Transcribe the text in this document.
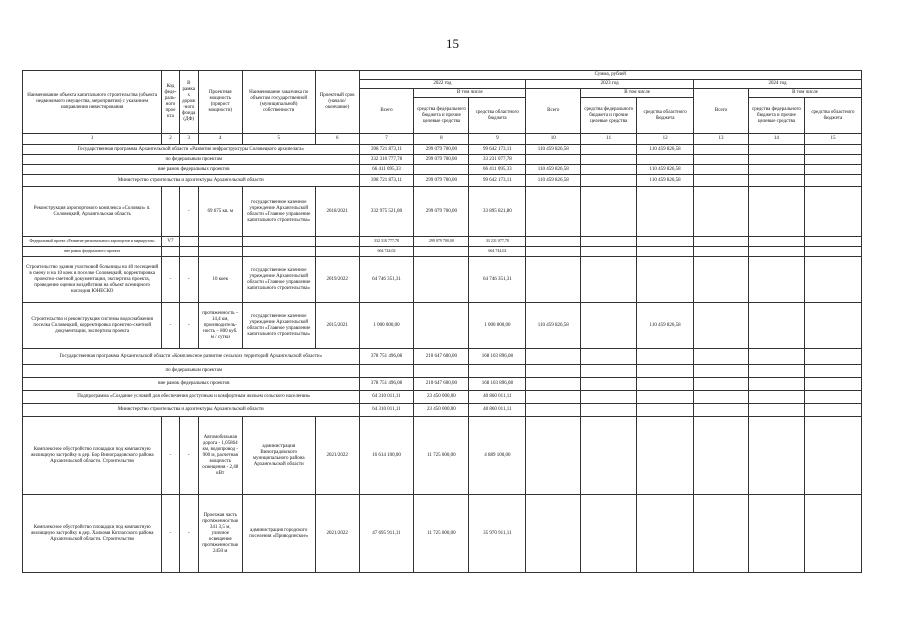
15
Наименование объекта капитального строительства (объекта недвижимого имущества, мероприятия) с указанием направления инвестирования	Код феде-раль-ного проекта	В рамках дорож-ного фонда (ДФ)	Проектная мощность (прирост мощности)	Наименование заказчика по объектам государственной (муниципальной) собственности	Проектный срок (начало/ окончание)	Сумма, рублей								
						2022 год			2023 год			2024 год		
						Всего	В том числе		Всего	В том числе		Всего	В том числе	
							средства федерального бюджета и прочие целевые средства	средства областного бюджета		средства федерального бюджета и прочие целевые средства	средства областного бюджета		средства федерального бюджета и прочие целевые средства	средства областного бюджета
1	2	3	4	5	6	7	8	9	10	11	12	13	14	15
Государственная программа Архангельской области «Развитие инфраструктуры Соловецкого архипелага»						398 721 873,11	299 079 700,00	99 642 173,11	110 459 826,58		110 459 826,58			
по федеральным проектам						332 310 777,78	299 079 700,00	33 231 077,78						
вне рамок федеральных проектов						66 411 095,33		66 411 095,33	110 459 826,58		110 459 826,58			
Министерство строительства и архитектуры Архангельской области						398 721 873,11	299 079 700,00	99 642 173,11	110 459 826,58		110 459 826,58			
Реконструкция аэропортового комплекса «Соловки» п. Соловецкий, Архангельская область		-	69 675 кв. м	государственное казенное учреждение Архангельской области «Главное управление капитального строительства»	2018/2021	332 975 521,80	299 079 700,00	33 895 821,80						
Федеральный проект «Развитие регионального аэропортов и маршрутов»	V7					332 310 777,78	299 079 700,00	33 231 077,78						
вне рамок федерального проекта						664 744,02		664 744,02						
Строительство здания участковой больницы на 40 посещений в смену и на 10 коек в поселке Соловецкий, корректировка проектно-сметной документации, экспертиза проекта, проведение оценки воздействия на объект всемирного наследия ЮНЕСКО	-	-	10 коек	государственное казенное учреждение Архангельской области «Главное управление капитального строительства»	2019/2022	64 746 351,31		64 746 351,31						
Строительство и реконструкция системы водоснабжения поселка Соловецкий, корректировка проектно-сметной документации, экспертиза проекта	-	-	протяженность – 14,4 км, производитель-ность – 800 куб. м / сутки	государственное казенное учреждение Архангельской области «Главное управление капитального строительства»	2015/2021	1 000 000,00		1 000 000,00	110 459 826,58		110 459 826,58			
Государственная программа Архангельской области «Комплексное развитие сельских территорий Архангельской области»						378 751 496,08	210 647 600,00	168 103 896,08						
по федеральным проектам														
вне рамок федеральных проектов						378 751 496,08	210 647 600,00	168 103 896,08						
Подпрограмма «Создание условий для обеспечения доступным и комфортным жильем сельского населения»						64 310 011,11	23 450 000,00	40 860 011,11						
Министерство строительства и архитектуры Архангельской области						64 310 011,11	23 450 000,00	40 860 011,11						
Комплексное обустройство площадки под компактную жилищную застройку в дер. Бор Виноградовского района Архангельской области. Строительство	-	-	Автомобильная дорога - 1,05864 км, водопровод - 900 м, расчетная мощность освещения - 2,48 кВт	администрация Виноградовского муниципального района Архангельской области	2021/2022	16 614 100,00	11 725 000,00	4 889 100,00						
Комплексное обустройство площадки под компактную жилищную застройку в дер. Халкомя Котласского района Архангельской области. Строительство	-	-	Проезжая часть протяженностью 341 3,5 м, уличное освещение протяженностью 2450 м	администрация городского поселения «Приводинское»	2021/2022	47 695 911,11	11 725 000,00	35 970 911,11						
